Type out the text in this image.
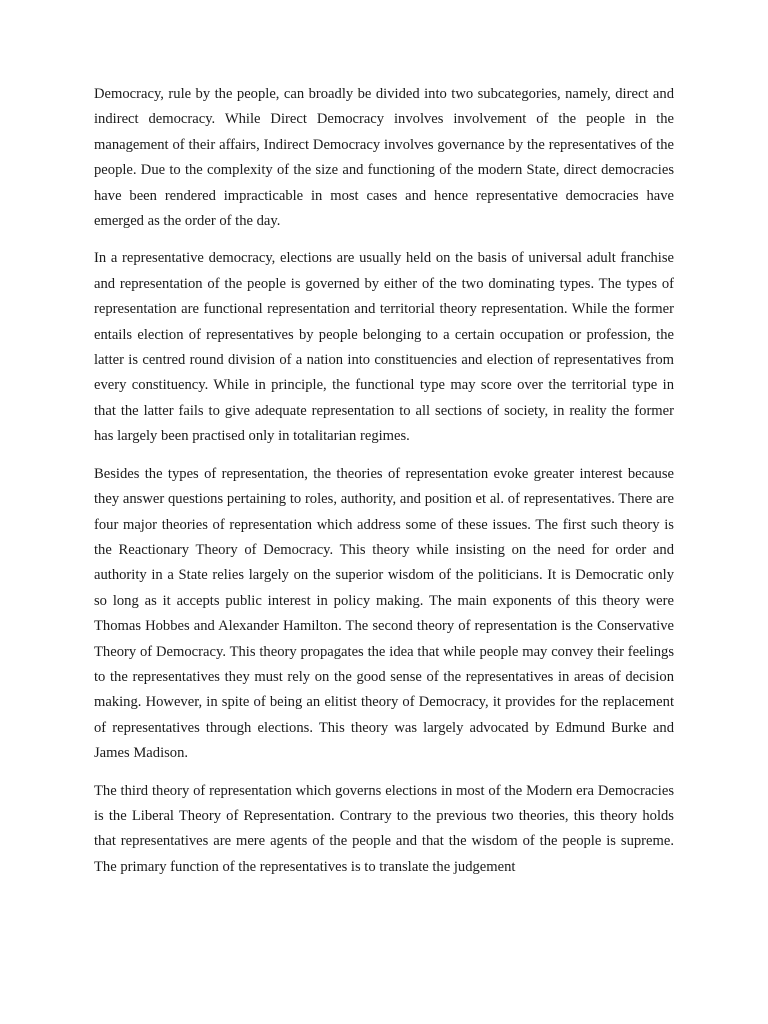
Democracy, rule by the people, can broadly be divided into two subcategories, namely, direct and indirect democracy. While Direct Democracy involves involvement of the people in the management of their affairs, Indirect Democracy involves governance by the representatives of the people. Due to the complexity of the size and functioning of the modern State, direct democracies have been rendered impracticable in most cases and hence representative democracies have emerged as the order of the day.

In a representative democracy, elections are usually held on the basis of universal adult franchise and representation of the people is governed by either of the two dominating types. The types of representation are functional representation and territorial theory representation. While the former entails election of representatives by people belonging to a certain occupation or profession, the latter is centred round division of a nation into constituencies and election of representatives from every constituency. While in principle, the functional type may score over the territorial type in that the latter fails to give adequate representation to all sections of society, in reality the former has largely been practised only in totalitarian regimes.

Besides the types of representation, the theories of representation evoke greater interest because they answer questions pertaining to roles, authority, and position et al. of representatives. There are four major theories of representation which address some of these issues. The first such theory is the Reactionary Theory of Democracy. This theory while insisting on the need for order and authority in a State relies largely on the superior wisdom of the politicians. It is Democratic only so long as it accepts public interest in policy making. The main exponents of this theory were Thomas Hobbes and Alexander Hamilton. The second theory of representation is the Conservative Theory of Democracy. This theory propagates the idea that while people may convey their feelings to the representatives they must rely on the good sense of the representatives in areas of decision making. However, in spite of being an elitist theory of Democracy, it provides for the replacement of representatives through elections. This theory was largely advocated by Edmund Burke and James Madison.

The third theory of representation which governs elections in most of the Modern era Democracies is the Liberal Theory of Representation. Contrary to the previous two theories, this theory holds that representatives are mere agents of the people and that the wisdom of the people is supreme. The primary function of the representatives is to translate the judgement
